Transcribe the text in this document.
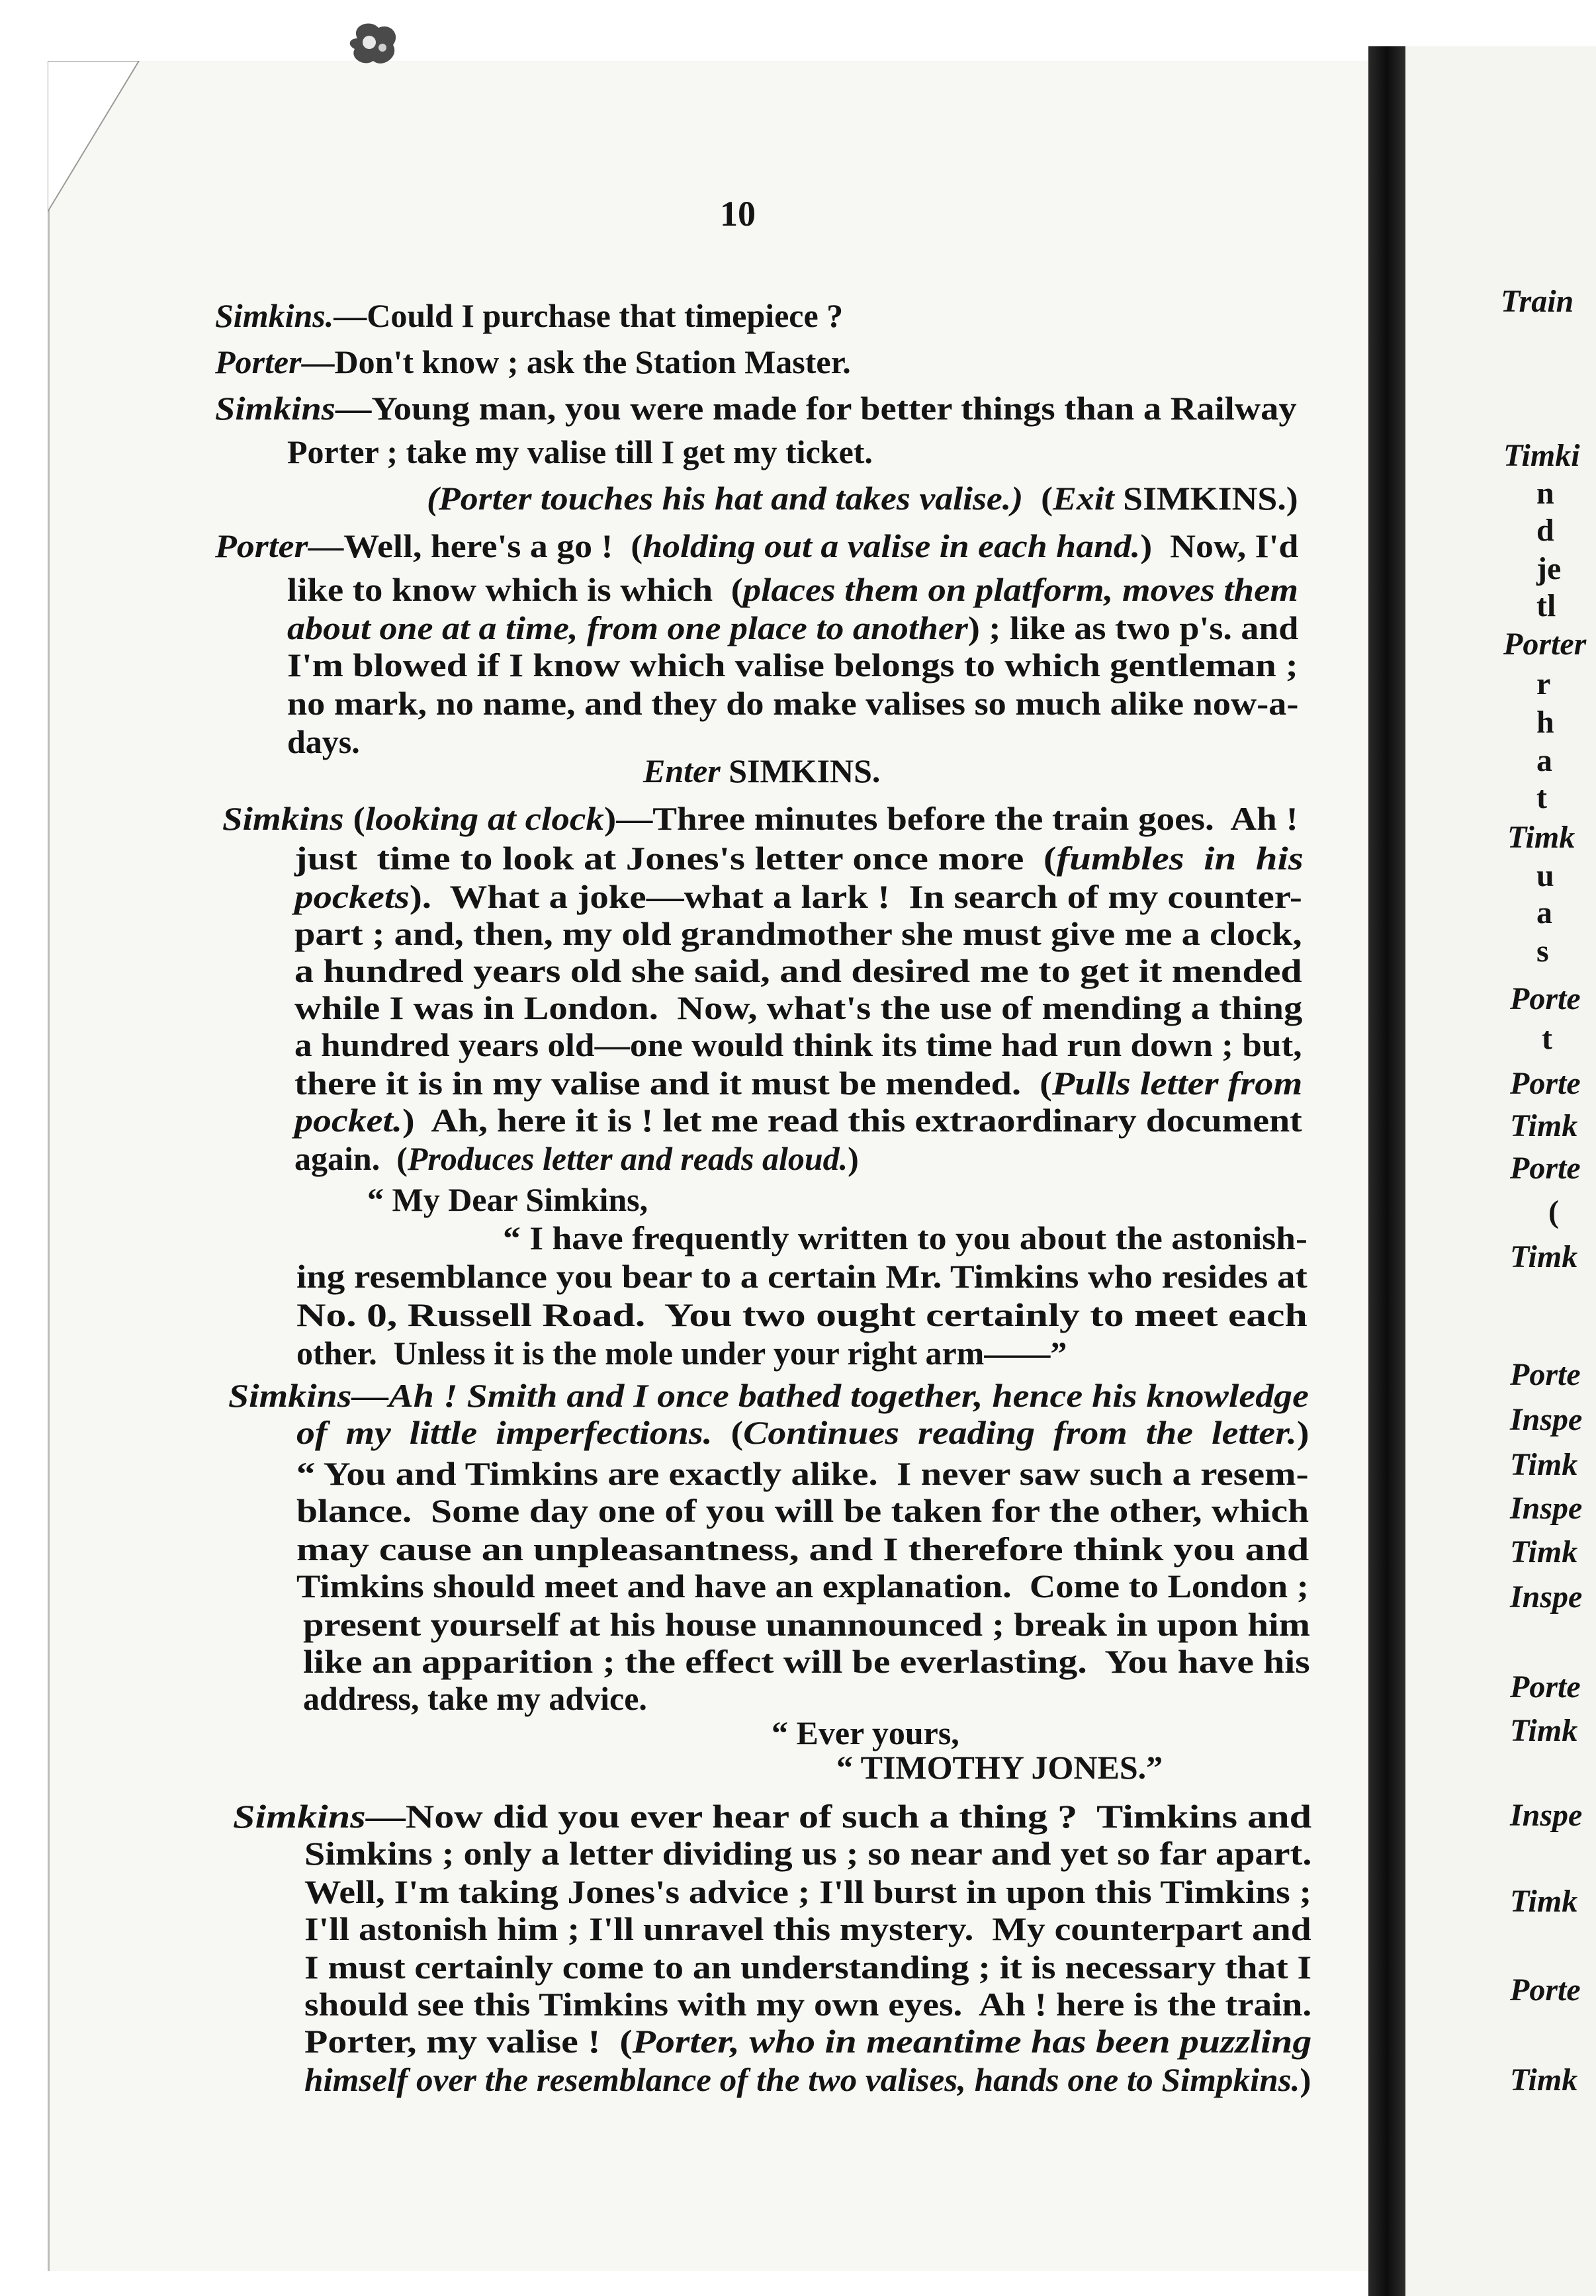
10
Simkins.—Could I purchase that timepiece ?
Porter—Don't know ; ask the Station Master.
Simkins—Young man, you were made for better things than a Railway
Porter ; take my valise till I get my ticket.
(Porter touches his hat and takes valise.)  (Exit SIMKINS.)
Porter—Well, here's a go !  (holding out a valise in each hand.)  Now, I'd
like to know which is which  (places them on platform, moves them
about one at a time, from one place to another) ; like as two p's. and
I'm blowed if I know which valise belongs to which gentleman ;
no mark, no name, and they do make valises so much alike now-a-
days.
Enter SIMKINS.
Simkins (looking at clock)—Three minutes before the train goes.  Ah !
just  time to look at Jones's letter once more  (fumbles  in  his
pockets).  What a joke—what a lark !  In search of my counter-
part ; and, then, my old grandmother she must give me a clock,
a hundred years old she said, and desired me to get it mended
while I was in London.  Now, what's the use of mending a thing
a hundred years old—one would think its time had run down ; but,
there it is in my valise and it must be mended.  (Pulls letter from
pocket.)  Ah, here it is ! let me read this extraordinary document
again.  (Produces letter and reads aloud.)
“ My Dear Simkins,
“ I have frequently written to you about the astonish-
ing resemblance you bear to a certain Mr. Timkins who resides at
No. 0, Russell Road.  You two ought certainly to meet each
other.  Unless it is the mole under your right arm——”
Simkins—Ah ! Smith and I once bathed together, hence his knowledge
of  my  little  imperfections.  (Continues  reading  from  the  letter.)
“ You and Timkins are exactly alike.  I never saw such a resem-
blance.  Some day one of you will be taken for the other, which
may cause an unpleasantness, and I therefore think you and
Timkins should meet and have an explanation.  Come to London ;
present yourself at his house unannounced ; break in upon him
like an apparition ; the effect will be everlasting.  You have his
address, take my advice.
“ Ever yours,
“ TIMOTHY JONES.”
Simkins—Now did you ever hear of such a thing ?  Timkins and
Simkins ; only a letter dividing us ; so near and yet so far apart.
Well, I'm taking Jones's advice ; I'll burst in upon this Timkins ;
I'll astonish him ; I'll unravel this mystery.  My counterpart and
I must certainly come to an understanding ; it is necessary that I
should see this Timkins with my own eyes.  Ah ! here is the train.
Porter, my valise !  (Porter, who in meantime has been puzzling
himself over the resemblance of the two valises, hands one to Simpkins.)
Train
Timki
n
d
je
tl
Porter
r
h
a
t
Timk
u
a
s
Porte
t
Porte
Timk
Porte
(
Timk
Porte
Inspe
Timk
Inspe
Timk
Inspe
Porte
Timk
Inspe
Timk
Porte
Timk
